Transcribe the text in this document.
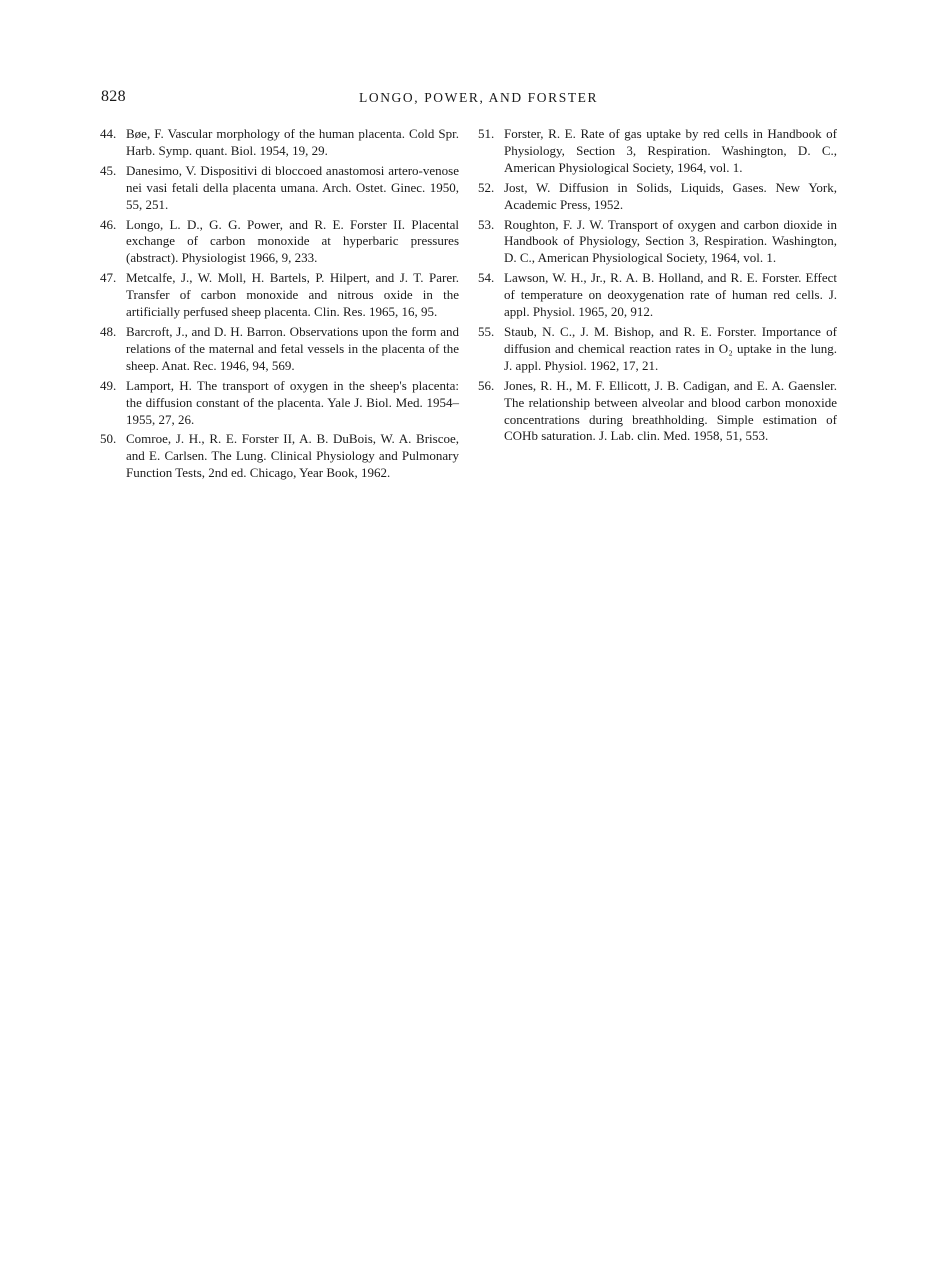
828	LONGO, POWER, AND FORSTER
44. Bøe, F. Vascular morphology of the human placenta. Cold Spr. Harb. Symp. quant. Biol. 1954, 19, 29.
45. Danesimo, V. Dispositivi di bloccoed anastomosi artero-venose nei vasi fetali della placenta umana. Arch. Ostet. Ginec. 1950, 55, 251.
46. Longo, L. D., G. G. Power, and R. E. Forster II. Placental exchange of carbon monoxide at hyperbaric pressures (abstract). Physiologist 1966, 9, 233.
47. Metcalfe, J., W. Moll, H. Bartels, P. Hilpert, and J. T. Parer. Transfer of carbon monoxide and nitrous oxide in the artificially perfused sheep placenta. Clin. Res. 1965, 16, 95.
48. Barcroft, J., and D. H. Barron. Observations upon the form and relations of the maternal and fetal vessels in the placenta of the sheep. Anat. Rec. 1946, 94, 569.
49. Lamport, H. The transport of oxygen in the sheep's placenta: the diffusion constant of the placenta. Yale J. Biol. Med. 1954–1955, 27, 26.
50. Comroe, J. H., R. E. Forster II, A. B. DuBois, W. A. Briscoe, and E. Carlsen. The Lung. Clinical Physiology and Pulmonary Function Tests, 2nd ed. Chicago, Year Book, 1962.
51. Forster, R. E. Rate of gas uptake by red cells in Handbook of Physiology, Section 3, Respiration. Washington, D. C., American Physiological Society, 1964, vol. 1.
52. Jost, W. Diffusion in Solids, Liquids, Gases. New York, Academic Press, 1952.
53. Roughton, F. J. W. Transport of oxygen and carbon dioxide in Handbook of Physiology, Section 3, Respiration. Washington, D. C., American Physiological Society, 1964, vol. 1.
54. Lawson, W. H., Jr., R. A. B. Holland, and R. E. Forster. Effect of temperature on deoxygenation rate of human red cells. J. appl. Physiol. 1965, 20, 912.
55. Staub, N. C., J. M. Bishop, and R. E. Forster. Importance of diffusion and chemical reaction rates in O₂ uptake in the lung. J. appl. Physiol. 1962, 17, 21.
56. Jones, R. H., M. F. Ellicott, J. B. Cadigan, and E. A. Gaensler. The relationship between alveolar and blood carbon monoxide concentrations during breathholding. Simple estimation of COHb saturation. J. Lab. clin. Med. 1958, 51, 553.
